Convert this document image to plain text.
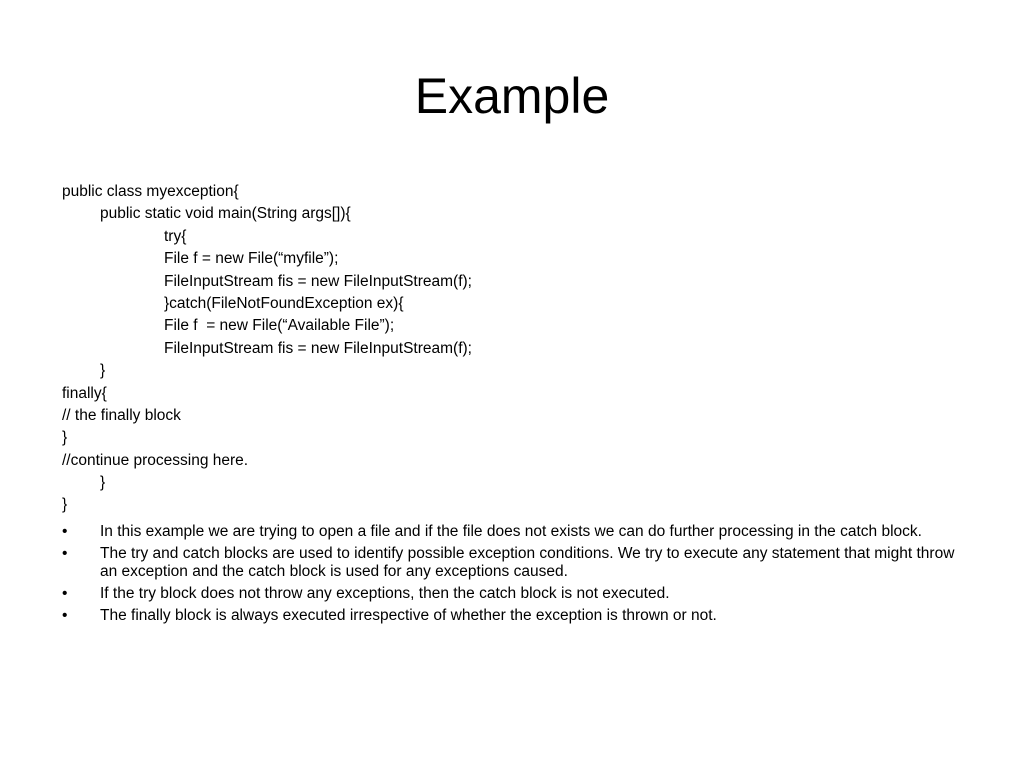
Example
public class myexception{
public static void main(String args[]){
try{
File f = new File(“myfile”);
FileInputStream fis = new FileInputStream(f);
}catch(FileNotFoundException ex){
File f  = new File(“Available File”);
FileInputStream fis = new FileInputStream(f);
}
finally{
// the finally block
}
//continue processing here.
}
}
•	In this example we are trying to open a file and if the file does not exists we can do further processing in the catch block.
•	The try and catch blocks are used to identify possible exception conditions. We try to execute any statement that might throw an exception and the catch block is used for any exceptions caused.
•	If the try block does not throw any exceptions, then the catch block is not executed.
•	The finally block is always executed irrespective of whether the exception is thrown or not.
